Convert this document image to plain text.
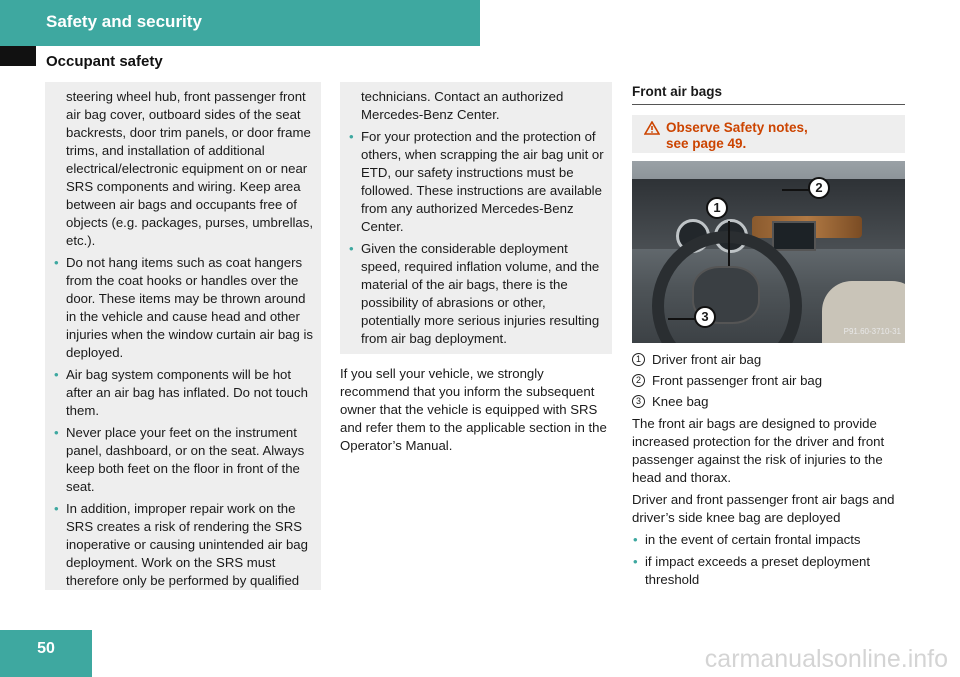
Safety and security
Occupant safety
steering wheel hub, front passenger front air bag cover, outboard sides of the seat backrests, door trim panels, or door frame trims, and installation of additional electrical/electronic equipment on or near SRS components and wiring. Keep area between air bags and occupants free of objects (e.g. packages, purses, umbrellas, etc.).
• Do not hang items such as coat hangers from the coat hooks or handles over the door. These items may be thrown around in the vehicle and cause head and other injuries when the window curtain air bag is deployed.
• Air bag system components will be hot after an air bag has inflated. Do not touch them.
• Never place your feet on the instrument panel, dashboard, or on the seat. Always keep both feet on the floor in front of the seat.
• In addition, improper repair work on the SRS creates a risk of rendering the SRS inoperative or causing unintended air bag deployment. Work on the SRS must therefore only be performed by qualified
technicians. Contact an authorized Mercedes-Benz Center.
• For your protection and the protection of others, when scrapping the air bag unit or ETD, our safety instructions must be followed. These instructions are available from any authorized Mercedes-Benz Center.
• Given the considerable deployment speed, required inflation volume, and the material of the air bags, there is the possibility of abrasions or other, potentially more serious injuries resulting from air bag deployment.
If you sell your vehicle, we strongly recommend that you inform the subsequent owner that the vehicle is equipped with SRS and refer them to the applicable section in the Operator’s Manual.
Front air bags
Observe Safety notes, see page 49.
1
2
3
P91.60-3710-31
1 Driver front air bag
2 Front passenger front air bag
3 Knee bag
The front air bags are designed to provide increased protection for the driver and front passenger against the risk of injuries to the head and thorax.
Driver and front passenger front air bags and driver’s side knee bag are deployed
• in the event of certain frontal impacts
• if impact exceeds a preset deployment threshold
50	carmanualsonline.info
